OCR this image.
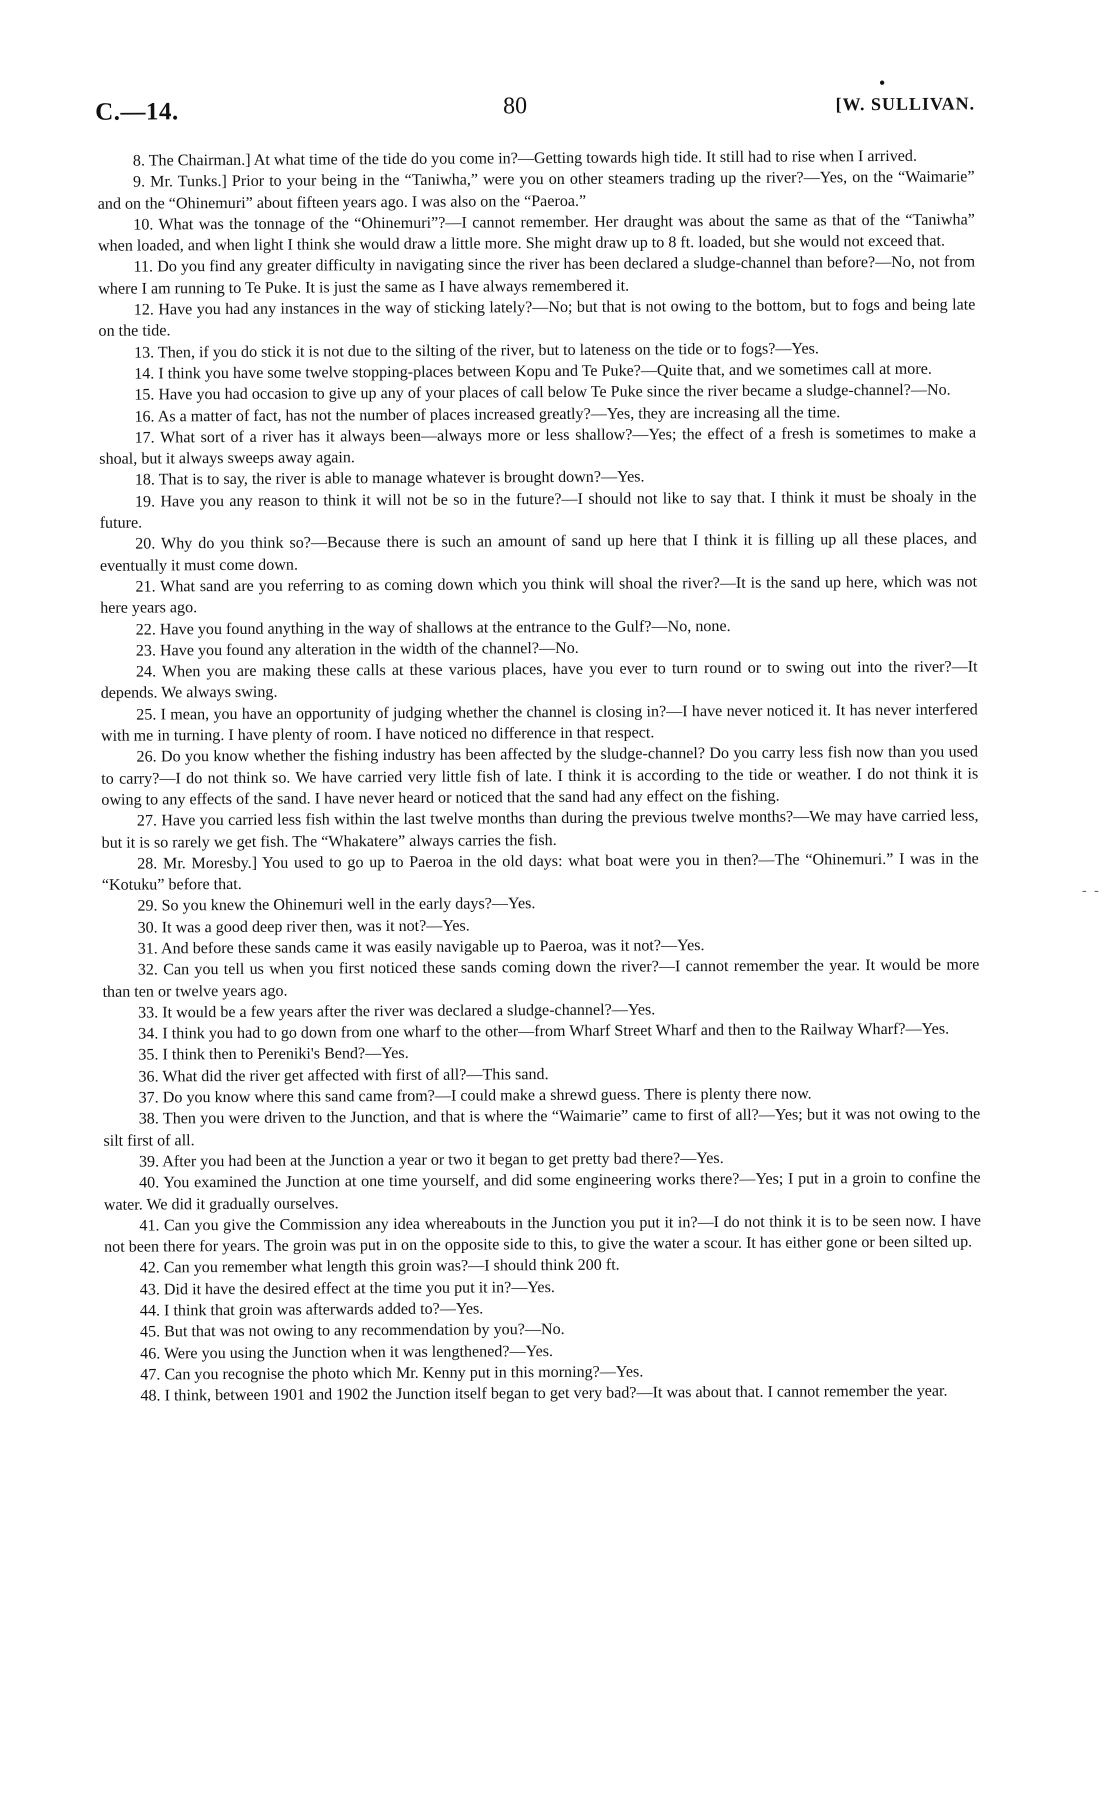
C.—14.	80
•
[W. SULLIVAN.

8. The Chairman.] At what time of the tide do you come in?—Getting towards high tide. It still had to rise when I arrived.

9. Mr. Tunks.] Prior to your being in the “Taniwha,” were you on other steamers trading up the river?—Yes, on the “Waimarie” and on the “Ohinemuri” about fifteen years ago. I was also on the “Paeroa.”

10. What was the tonnage of the “Ohinemuri”?—I cannot remember. Her draught was about the same as that of the “Taniwha” when loaded, and when light I think she would draw a little more. She might draw up to 8 ft. loaded, but she would not exceed that.

11. Do you find any greater difficulty in navigating since the river has been declared a sludge-channel than before?—No, not from where I am running to Te Puke. It is just the same as I have always remembered it.

12. Have you had any instances in the way of sticking lately?—No; but that is not owing to the bottom, but to fogs and being late on the tide.

13. Then, if you do stick it is not due to the silting of the river, but to lateness on the tide or to fogs?—Yes.

14. I think you have some twelve stopping-places between Kopu and Te Puke?—Quite that, and we sometimes call at more.

15. Have you had occasion to give up any of your places of call below Te Puke since the river became a sludge-channel?—No.

16. As a matter of fact, has not the number of places increased greatly?—Yes, they are increasing all the time.

17. What sort of a river has it always been—always more or less shallow?—Yes; the effect of a fresh is sometimes to make a shoal, but it always sweeps away again.

18. That is to say, the river is able to manage whatever is brought down?—Yes.

19. Have you any reason to think it will not be so in the future?—I should not like to say that. I think it must be shoaly in the future.

20. Why do you think so?—Because there is such an amount of sand up here that I think it is filling up all these places, and eventually it must come down.

21. What sand are you referring to as coming down which you think will shoal the river?—It is the sand up here, which was not here years ago.

22. Have you found anything in the way of shallows at the entrance to the Gulf?—No, none.

23. Have you found any alteration in the width of the channel?—No.

24. When you are making these calls at these various places, have you ever to turn round or to swing out into the river?—It depends. We always swing.

25. I mean, you have an opportunity of judging whether the channel is closing in?—I have never noticed it. It has never interfered with me in turning. I have plenty of room. I have noticed no difference in that respect.

26. Do you know whether the fishing industry has been affected by the sludge-channel? Do you carry less fish now than you used to carry?—I do not think so. We have carried very little fish of late. I think it is according to the tide or weather. I do not think it is owing to any effects of the sand. I have never heard or noticed that the sand had any effect on the fishing.

27. Have you carried less fish within the last twelve months than during the previous twelve months?—We may have carried less, but it is so rarely we get fish. The “Whakatere” always carries the fish.

28. Mr. Moresby.] You used to go up to Paeroa in the old days: what boat were you in then?—The “Ohinemuri.” I was in the “Kotuku” before that.

29. So you knew the Ohinemuri well in the early days?—Yes.

30. It was a good deep river then, was it not?—Yes.

31. And before these sands came it was easily navigable up to Paeroa, was it not?—Yes.

32. Can you tell us when you first noticed these sands coming down the river?—I cannot remember the year. It would be more than ten or twelve years ago.

33. It would be a few years after the river was declared a sludge-channel?—Yes.

34. I think you had to go down from one wharf to the other—from Wharf Street Wharf and then to the Railway Wharf?—Yes.

35. I think then to Pereniki's Bend?—Yes.

36. What did the river get affected with first of all?—This sand.

37. Do you know where this sand came from?—I could make a shrewd guess. There is plenty there now.

38. Then you were driven to the Junction, and that is where the “Waimarie” came to first of all?—Yes; but it was not owing to the silt first of all.

39. After you had been at the Junction a year or two it began to get pretty bad there?—Yes.

40. You examined the Junction at one time yourself, and did some engineering works there?—Yes; I put in a groin to confine the water. We did it gradually ourselves.

41. Can you give the Commission any idea whereabouts in the Junction you put it in?—I do not think it is to be seen now. I have not been there for years. The groin was put in on the opposite side to this, to give the water a scour. It has either gone or been silted up.

42. Can you remember what length this groin was?—I should think 200 ft.

43. Did it have the desired effect at the time you put it in?—Yes.

44. I think that groin was afterwards added to?—Yes.

45. But that was not owing to any recommendation by you?—No.

46. Were you using the Junction when it was lengthened?—Yes.

47. Can you recognise the photo which Mr. Kenny put in this morning?—Yes.

48. I think, between 1901 and 1902 the Junction itself began to get very bad?—It was about that. I cannot remember the year.

- -
